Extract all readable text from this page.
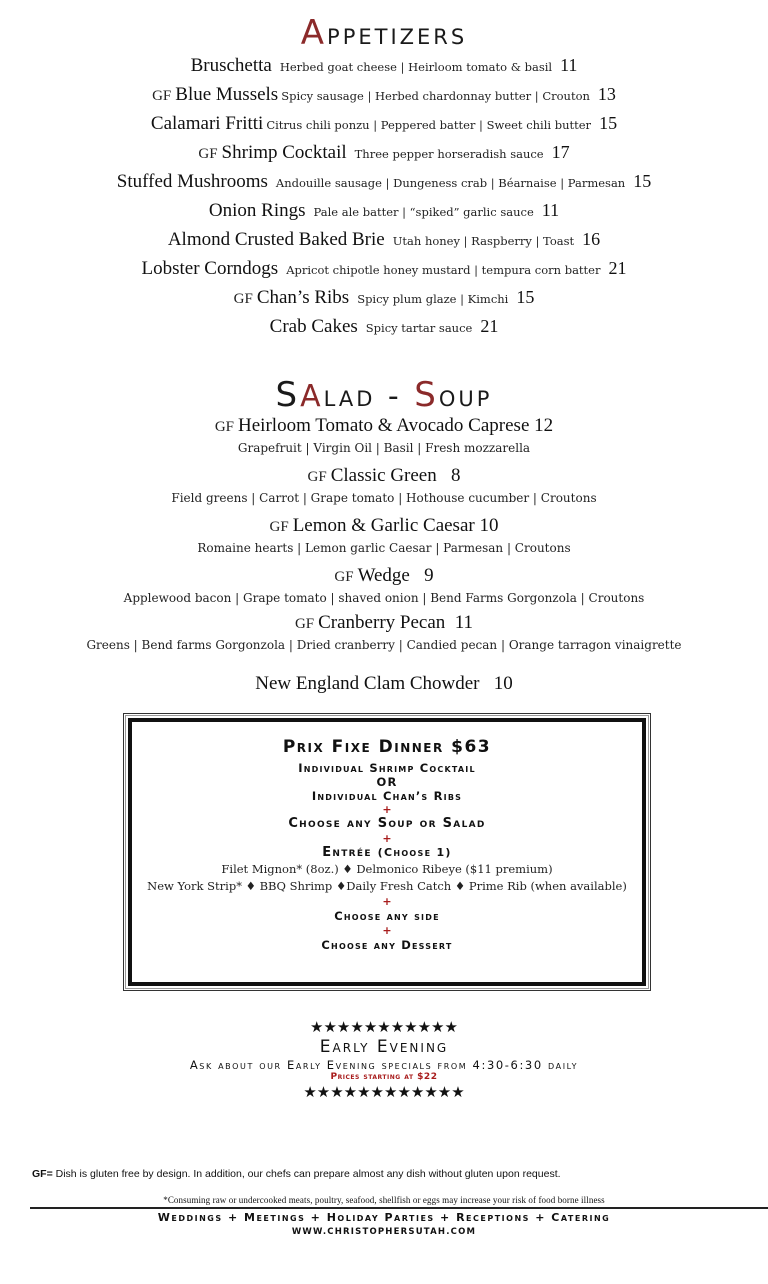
Appetizers
Bruschetta Herbed goat cheese | Heirloom tomato & basil 11
GF Blue Mussels Spicy sausage | Herbed chardonnay butter | Crouton 13
Calamari Fritti Citrus chili ponzu | Peppered batter | Sweet chili butter 15
GF Shrimp Cocktail Three pepper horseradish sauce 17
Stuffed Mushrooms Andouille sausage | Dungeness crab | Béarnaise | Parmesan 15
Onion Rings Pale ale batter | “spiked” garlic sauce 11
Almond Crusted Baked Brie Utah honey | Raspberry | Toast 16
Lobster Corndogs Apricot chipotle honey mustard | tempura corn batter 21
GF Chan’s Ribs Spicy plum glaze | Kimchi 15
Crab Cakes Spicy tartar sauce 21
SAlad - Soup
GF Heirloom Tomato & Avocado Caprese 12
Grapefruit | Virgin Oil | Basil | Fresh mozzarella
GF Classic Green 8
Field greens | Carrot | Grape tomato | Hothouse cucumber | Croutons
GF Lemon & Garlic Caesar 10
Romaine hearts | Lemon garlic Caesar | Parmesan | Croutons
GF Wedge 9
Applewood bacon | Grape tomato | shaved onion | Bend Farms Gorgonzola | Croutons
GF Cranberry Pecan 11
Greens | Bend farms Gorgonzola | Dried cranberry | Candied pecan | Orange tarragon vinaigrette
New England Clam Chowder 10
Prix Fixe Dinner $63
Individual Shrimp Cocktail
OR
Individual Chan’s Ribs
+
Choose any Soup or Salad
+
Entrée (Choose 1)
Filet Mignon* (8oz.) ♦ Delmonico Ribeye ($11 premium)
New York Strip* ♦ BBQ Shrimp ♦Daily Fresh Catch ♦ Prime Rib (when available)
+
Choose any side
+
Choose any Dessert
★★★★★★★★★★★
Early Evening
Ask about our Early Evening specials from 4:30-6:30 daily
Prices starting at $22
★★★★★★★★★★★★
GF= Dish is gluten free by design. In addition, our chefs can prepare almost any dish without gluten upon request.
*Consuming raw or undercooked meats, poultry, seafood, shellfish or eggs may increase your risk of food borne illness
Weddings + Meetings + Holiday Parties + Receptions + Catering
WWW.CHRISTOPHERSUTAH.COM
